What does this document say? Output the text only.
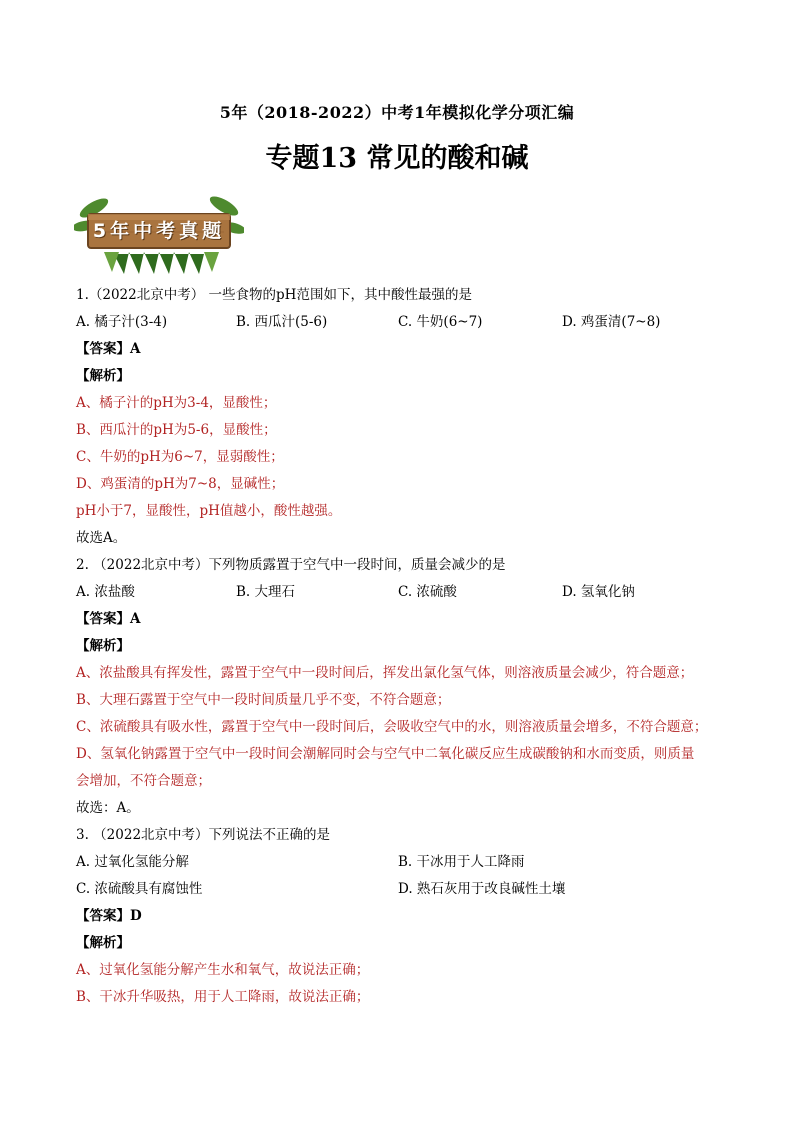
5年（2018-2022）中考1年模拟化学分项汇编
专题13 常见的酸和碱
5年中考真题
1.（2022北京中考） 一些食物的pH范围如下，其中酸性最强的是
A. 橘子汁(3-4)	B. 西瓜汁(5-6)	C. 牛奶(6~7)	D. 鸡蛋清(7~8)
【答案】A
【解析】
A、橘子汁的pH为3-4，显酸性；
B、西瓜汁的pH为5-6，显酸性；
C、牛奶的pH为6~7，显弱酸性；
D、鸡蛋清的pH为7~8，显碱性；
pH小于7，显酸性，pH值越小，酸性越强。
故选A。
2. （2022北京中考）下列物质露置于空气中一段时间，质量会减少的是
A. 浓盐酸	B. 大理石	C. 浓硫酸	D. 氢氧化钠
【答案】A
【解析】
A、浓盐酸具有挥发性，露置于空气中一段时间后，挥发出氯化氢气体，则溶液质量会减少，符合题意；
B、大理石露置于空气中一段时间质量几乎不变，不符合题意；
C、浓硫酸具有吸水性，露置于空气中一段时间后，会吸收空气中的水，则溶液质量会增多，不符合题意；
D、氢氧化钠露置于空气中一段时间会潮解同时会与空气中二氧化碳反应生成碳酸钠和水而变质，则质量
会增加，不符合题意；
故选：A。
3. （2022北京中考）下列说法不正确的是
A. 过氧化氢能分解	B. 干冰用于人工降雨
C. 浓硫酸具有腐蚀性	D. 熟石灰用于改良碱性土壤
【答案】D
【解析】
A、过氧化氢能分解产生水和氧气，故说法正确；
B、干冰升华吸热，用于人工降雨，故说法正确；
